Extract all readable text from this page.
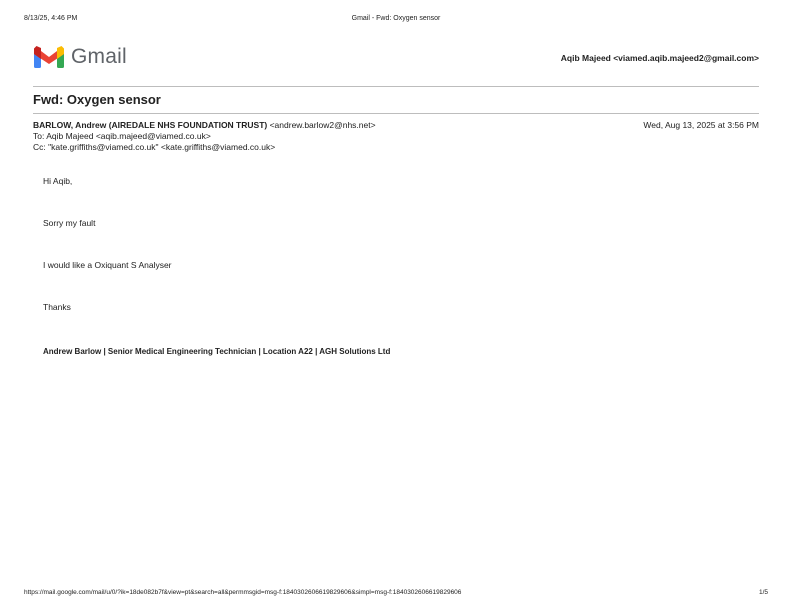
8/13/25, 4:46 PM	Gmail - Fwd: Oxygen sensor
Gmail	Aqib Majeed <viamed.aqib.majeed2@gmail.com>
Fwd: Oxygen sensor
BARLOW, Andrew (AIREDALE NHS FOUNDATION TRUST) <andrew.barlow2@nhs.net>	Wed, Aug 13, 2025 at 3:56 PM
To: Aqib Majeed <aqib.majeed@viamed.co.uk>
Cc: "kate.griffiths@viamed.co.uk" <kate.griffiths@viamed.co.uk>
Hi Aqib,
Sorry my fault
I would like a Oxiquant S Analyser
Thanks
Andrew Barlow | Senior Medical Engineering Technician | Location A22 | AGH Solutions Ltd
https://mail.google.com/mail/u/0/?ik=18de082b7f&view=pt&search=all&permmsgid=msg-f:1840302606619829606&simpl=msg-f:1840302606619829606	1/5
